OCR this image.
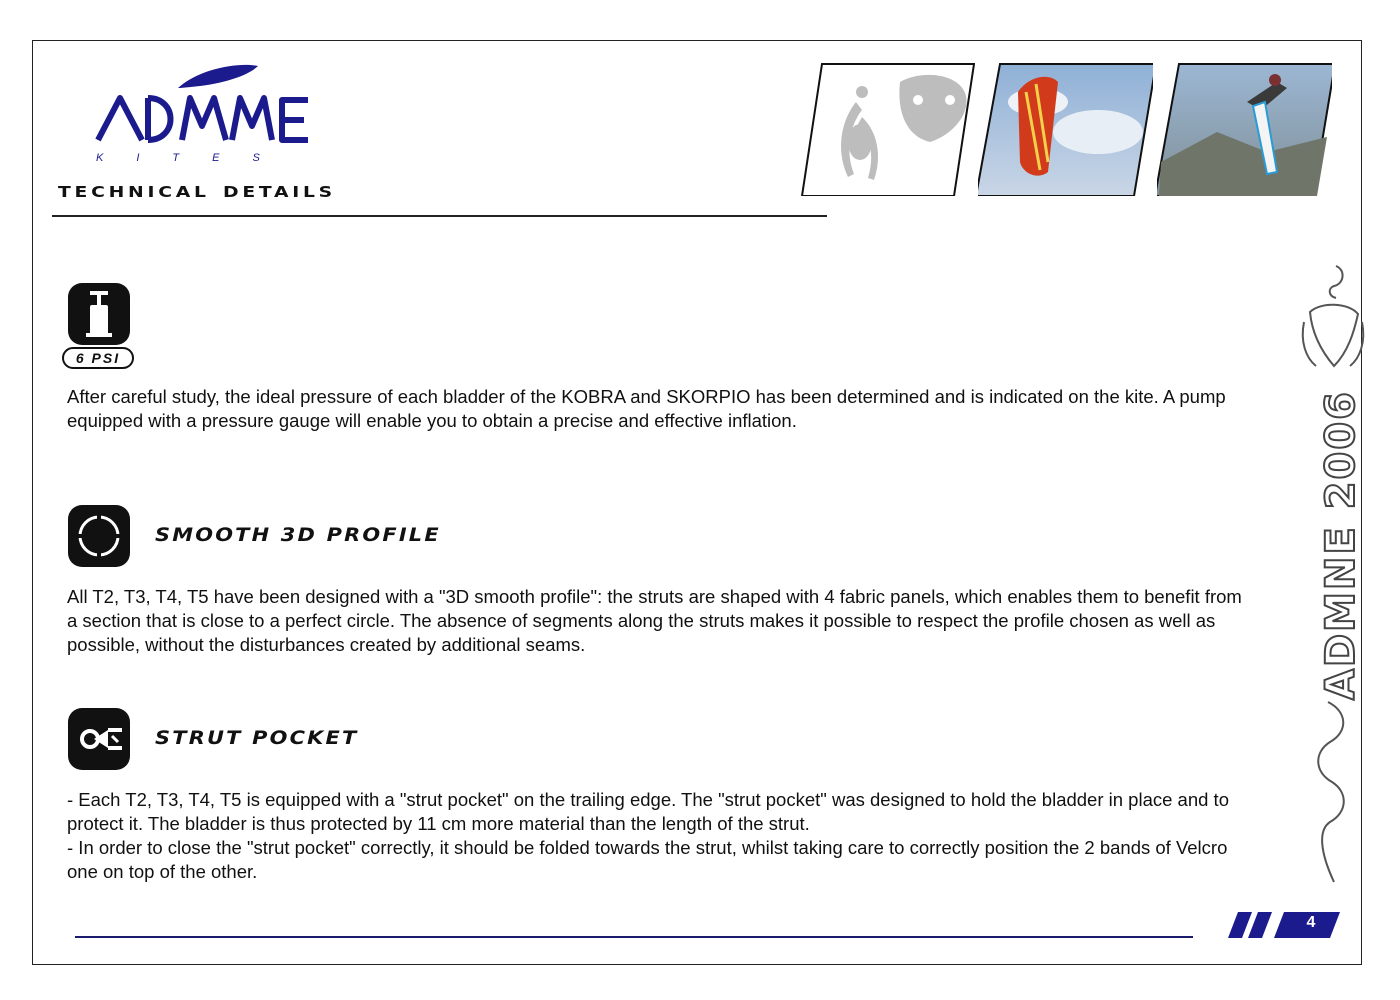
KITES
technical details
ADMNE 2006
6 PSI

After careful study, the ideal pressure of each bladder of the KOBRA and SKORPIO has been determined and is indicated on the kite. A pump equipped with a pressure gauge will enable you to obtain a precise and effective inflation.

SMOOTH 3D PROFILE

All T2, T3, T4, T5 have been designed with a "3D smooth profile": the struts are shaped with 4 fabric panels, which enables them to benefit from a section that is close to a perfect circle. The absence of segments along the struts makes it possible to respect the profile chosen as well as possible, without the disturbances created by additional seams.

STRUT POCKET

- Each T2, T3, T4, T5 is equipped with a "strut pocket" on the trailing edge. The "strut pocket" was designed to hold the bladder in place and to protect it. The bladder is thus protected by 11 cm more material than the length of the strut.
- In order to close the "strut pocket" correctly, it should be folded towards the strut, whilst taking care to correctly position the 2 bands of Velcro one on top of the other.

4
